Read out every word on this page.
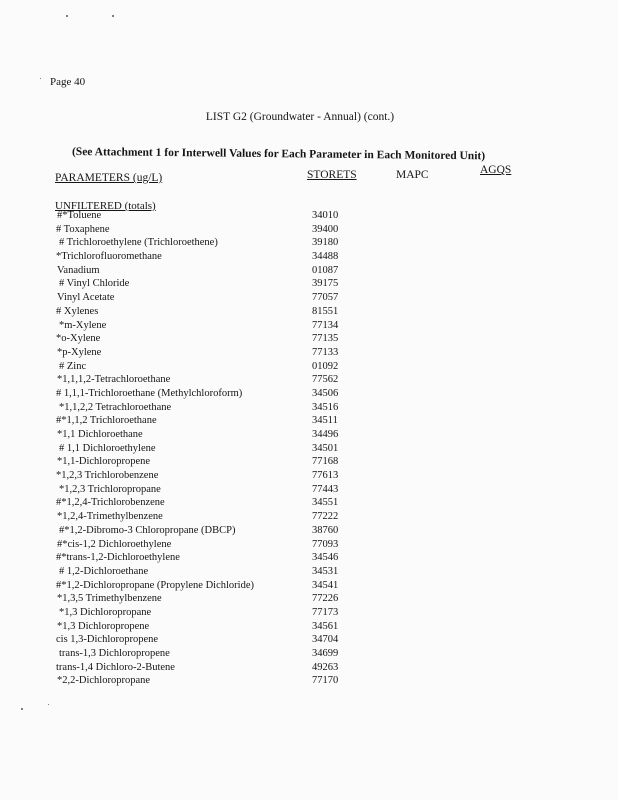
Page 40
LIST G2 (Groundwater - Annual) (cont.)
(See Attachment 1 for Interwell Values for Each Parameter in Each Monitored Unit)
PARAMETERS (ug/L)	STORETS	MAPC	AGQS
UNFILTERED (totals)
#*Toluene	34010
# Toxaphene	39400
# Trichloroethylene (Trichloroethene)	39180
*Trichlorofluoromethane	34488
Vanadium	01087
# Vinyl Chloride	39175
Vinyl Acetate	77057
# Xylenes	81551
*m-Xylene	77134
*o-Xylene	77135
*p-Xylene	77133
# Zinc	01092
*1,1,1,2-Tetrachloroethane	77562
# 1,1,1-Trichloroethane (Methylchloroform)	34506
*1,1,2,2 Tetrachloroethane	34516
#*1,1,2 Trichloroethane	34511
*1,1 Dichloroethane	34496
# 1,1 Dichloroethylene	34501
*1,1-Dichloropropene	77168
*1,2,3 Trichlorobenzene	77613
*1,2,3 Trichloropropane	77443
#*1,2,4-Trichlorobenzene	34551
*1,2,4-Trimethylbenzene	77222
#*1,2-Dibromo-3 Chloropropane (DBCP)	38760
#*cis-1,2 Dichloroethylene	77093
#*trans-1,2-Dichloroethylene	34546
# 1,2-Dichloroethane	34531
#*1,2-Dichloropropane (Propylene Dichloride)	34541
*1,3,5 Trimethylbenzene	77226
*1,3 Dichloropropane	77173
*1,3 Dichloropropene	34561
cis 1,3-Dichloropropene	34704
trans-1,3 Dichloropropene	34699
trans-1,4 Dichloro-2-Butene	49263
*2,2-Dichloropropane	77170
